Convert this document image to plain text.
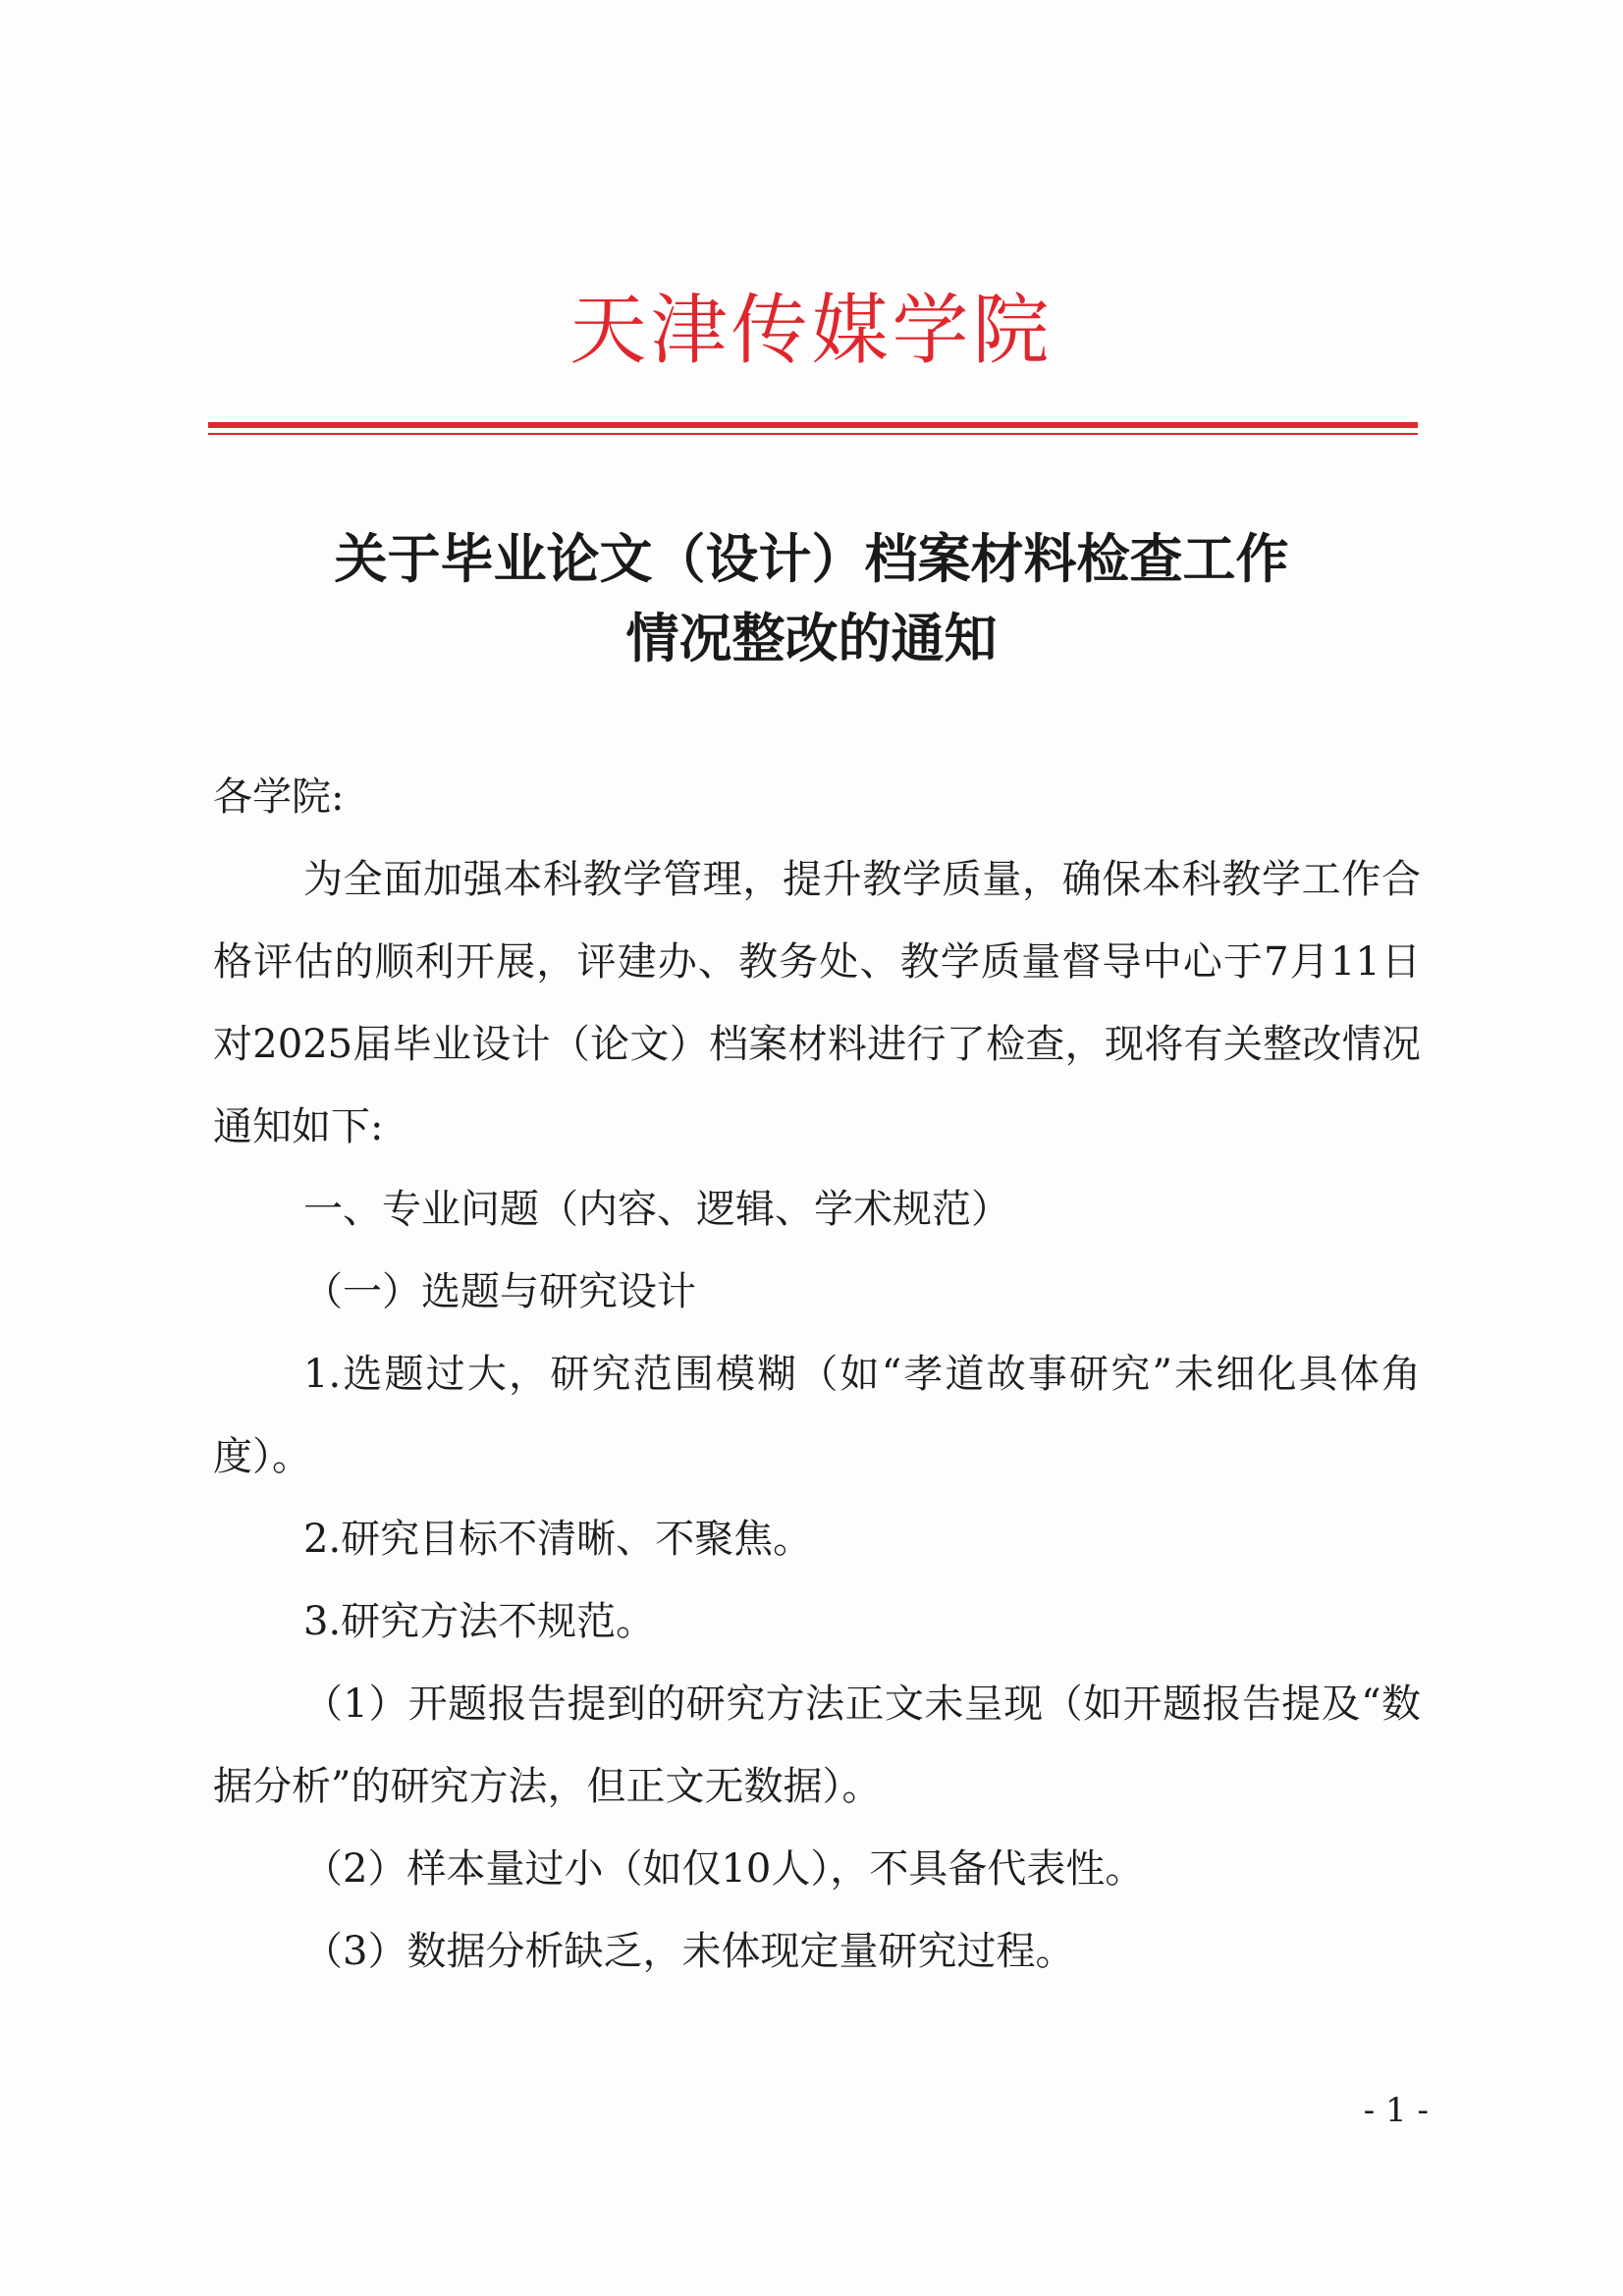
天津传媒学院
关于毕业论文（设计）档案材料检查工作
情况整改的通知

各学院:

为全面加强本科教学管理，提升教学质量，确保本科教学工作合格评估的顺利开展，评建办、教务处、教学质量督导中心于7月11日对2025届毕业设计（论文）档案材料进行了检查，现将有关整改情况通知如下:

一、专业问题（内容、逻辑、学术规范）

（一）选题与研究设计

1.选题过大，研究范围模糊（如“孝道故事研究”未细化具体角度）。

2.研究目标不清晰、不聚焦。

3.研究方法不规范。

（1）开题报告提到的研究方法正文未呈现（如开题报告提及“数据分析”的研究方法，但正文无数据）。

（2）样本量过小（如仅10人），不具备代表性。

（3）数据分析缺乏，未体现定量研究过程。

- 1 -
